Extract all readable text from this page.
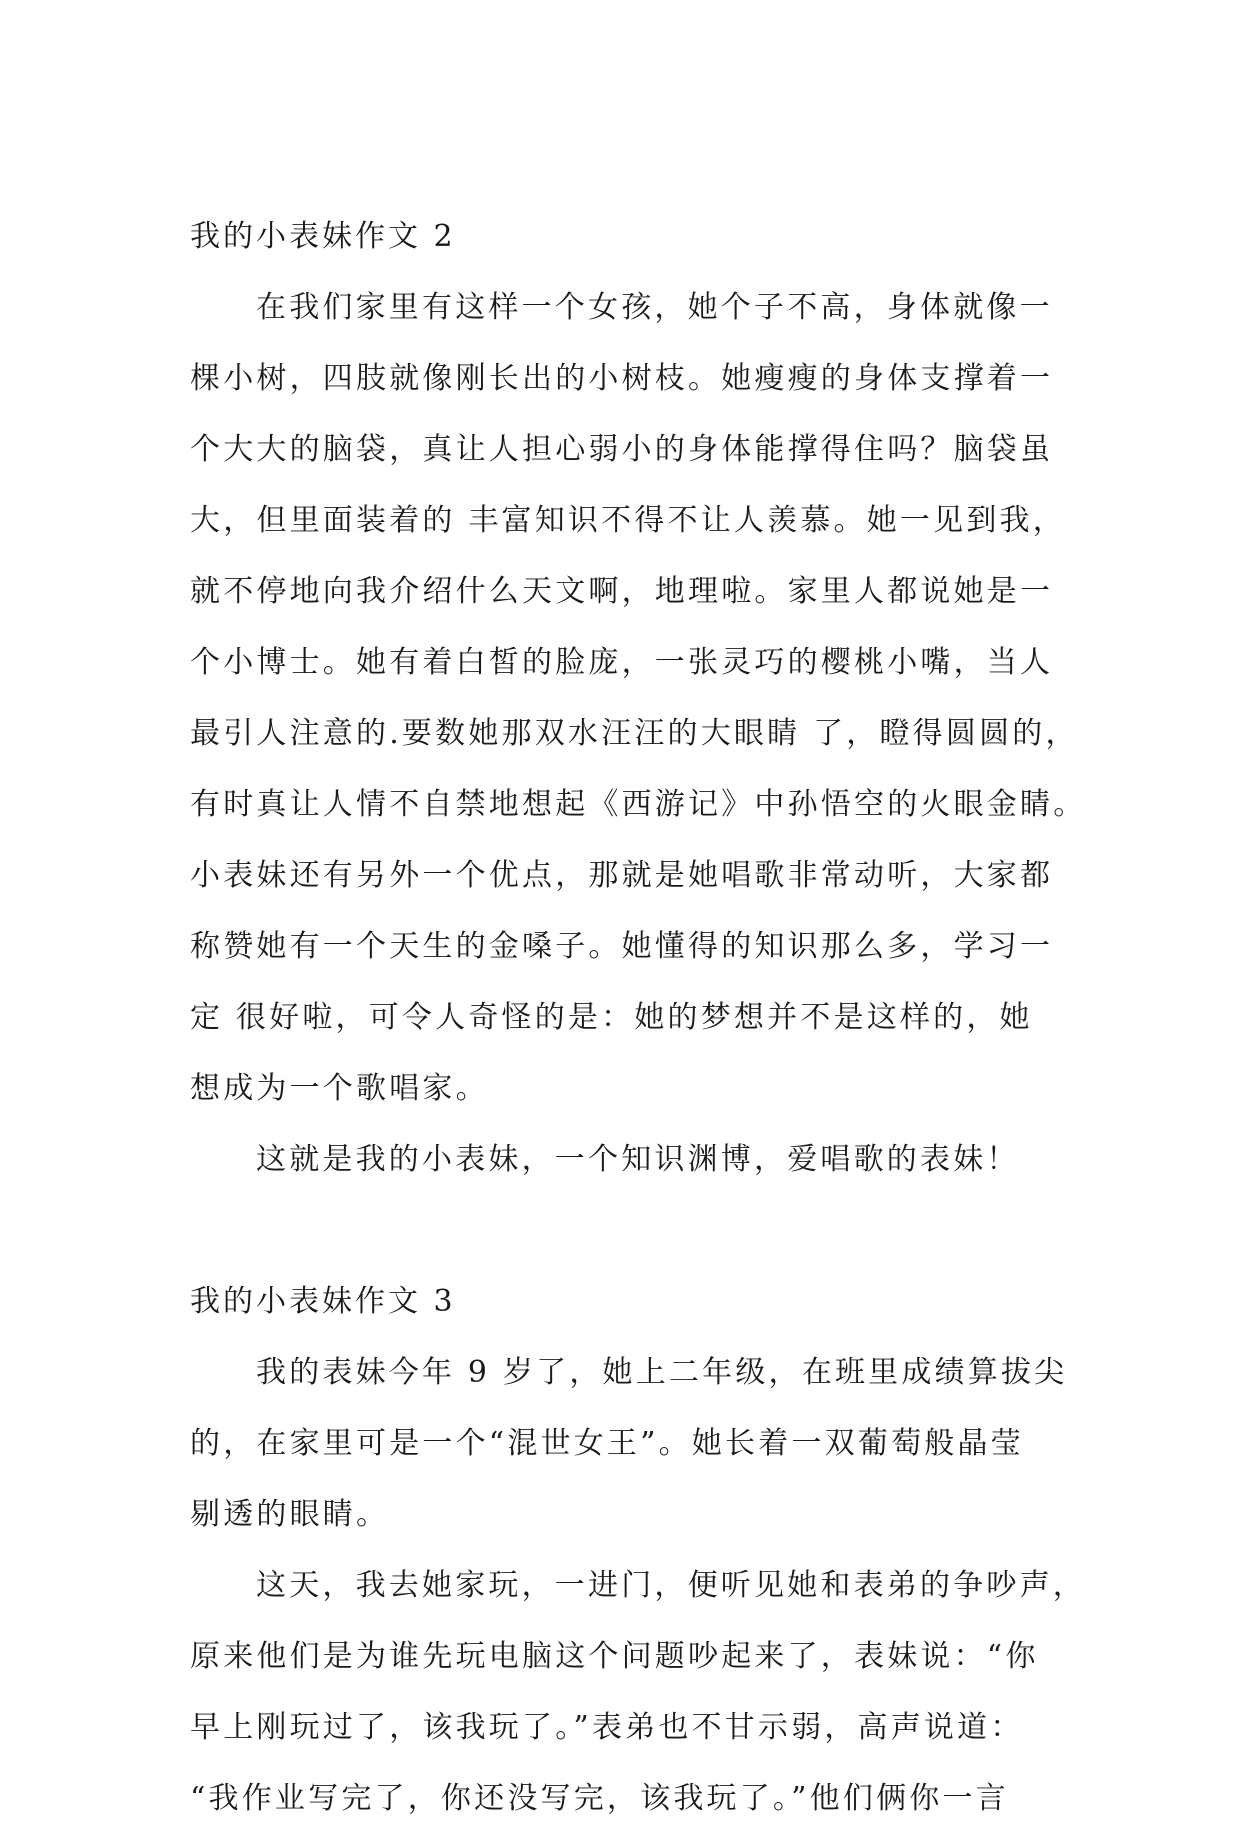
我的小表妹作文 2
在我们家里有这样一个女孩，她个子不高，身体就像一
棵小树，四肢就像刚长出的小树枝。她瘦瘦的身体支撑着一
个大大的脑袋，真让人担心弱小的身体能撑得住吗？脑袋虽
大，但里面装着的 丰富知识不得不让人羡慕。她一见到我，
就不停地向我介绍什么天文啊，地理啦。家里人都说她是一
个小博士。她有着白皙的脸庞，一张灵巧的樱桃小嘴，当人
最引人注意的.要数她那双水汪汪的大眼睛 了，瞪得圆圆的，
有时真让人情不自禁地想起《西游记》中孙悟空的火眼金睛。
小表妹还有另外一个优点，那就是她唱歌非常动听，大家都
称赞她有一个天生的金嗓子。她懂得的知识那么多，学习一
定 很好啦，可令人奇怪的是：她的梦想并不是这样的，她
想成为一个歌唱家。
这就是我的小表妹，一个知识渊博，爱唱歌的表妹！
我的小表妹作文 3
我的表妹今年 9 岁了，她上二年级，在班里成绩算拔尖
的，在家里可是一个“混世女王”。她长着一双葡萄般晶莹
剔透的眼睛。
这天，我去她家玩，一进门，便听见她和表弟的争吵声，
原来他们是为谁先玩电脑这个问题吵起来了，表妹说：“你
早上刚玩过了，该我玩了。”表弟也不甘示弱，高声说道：
“我作业写完了，你还没写完，该我玩了。”他们俩你一言
